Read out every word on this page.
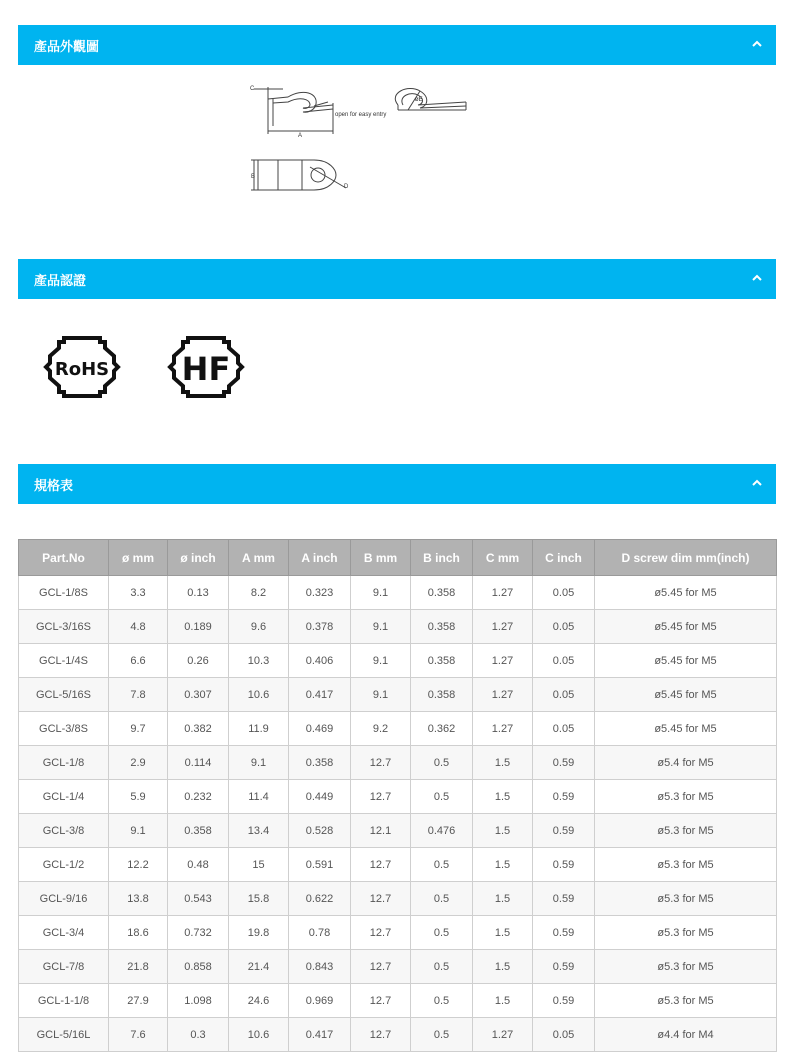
產品外觀圖
C
A
B
D
øE
open for easy entry
產品認證
RoHS HF
規格表
Part.No	ø mm	ø inch	A mm	A inch	B mm	B inch	C mm	C inch	D screw dim mm(inch)
GCL-1/8S	3.3	0.13	8.2	0.323	9.1	0.358	1.27	0.05	ø5.45 for M5
GCL-3/16S	4.8	0.189	9.6	0.378	9.1	0.358	1.27	0.05	ø5.45 for M5
GCL-1/4S	6.6	0.26	10.3	0.406	9.1	0.358	1.27	0.05	ø5.45 for M5
GCL-5/16S	7.8	0.307	10.6	0.417	9.1	0.358	1.27	0.05	ø5.45 for M5
GCL-3/8S	9.7	0.382	11.9	0.469	9.2	0.362	1.27	0.05	ø5.45 for M5
GCL-1/8	2.9	0.114	9.1	0.358	12.7	0.5	1.5	0.59	ø5.4 for M5
GCL-1/4	5.9	0.232	11.4	0.449	12.7	0.5	1.5	0.59	ø5.3 for M5
GCL-3/8	9.1	0.358	13.4	0.528	12.1	0.476	1.5	0.59	ø5.3 for M5
GCL-1/2	12.2	0.48	15	0.591	12.7	0.5	1.5	0.59	ø5.3 for M5
GCL-9/16	13.8	0.543	15.8	0.622	12.7	0.5	1.5	0.59	ø5.3 for M5
GCL-3/4	18.6	0.732	19.8	0.78	12.7	0.5	1.5	0.59	ø5.3 for M5
GCL-7/8	21.8	0.858	21.4	0.843	12.7	0.5	1.5	0.59	ø5.3 for M5
GCL-1-1/8	27.9	1.098	24.6	0.969	12.7	0.5	1.5	0.59	ø5.3 for M5
GCL-5/16L	7.6	0.3	10.6	0.417	12.7	0.5	1.27	0.05	ø4.4 for M4
